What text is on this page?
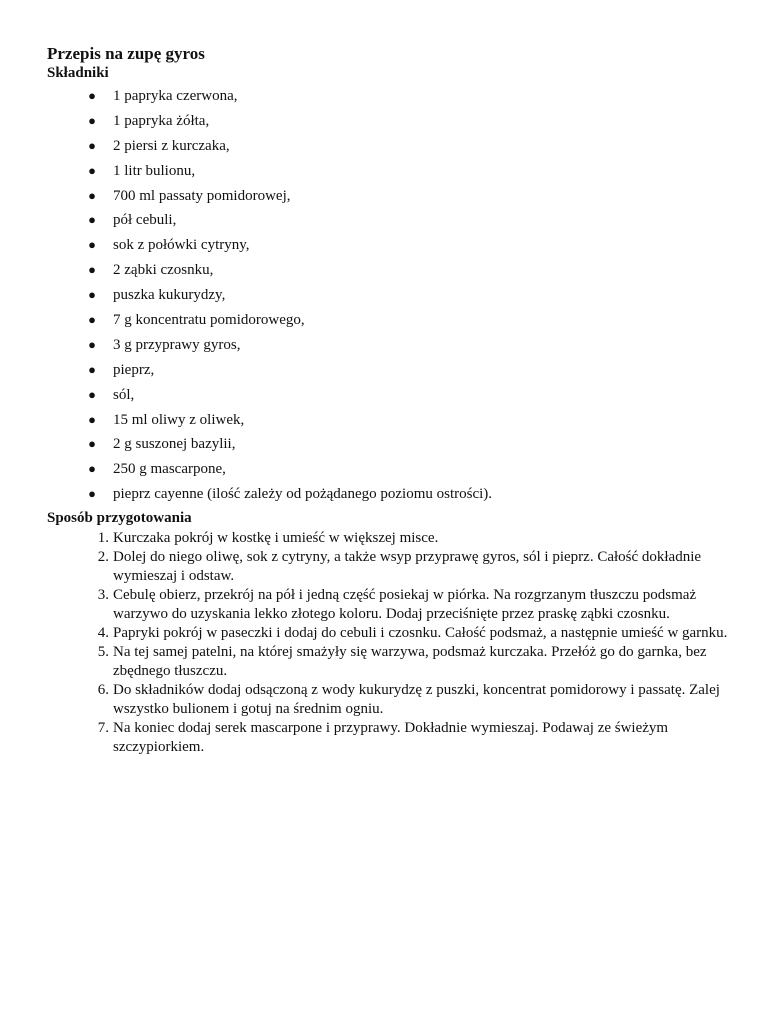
Przepis na zupę gyros
Składniki
● 1 papryka czerwona,
● 1 papryka żółta,
● 2 piersi z kurczaka,
● 1 litr bulionu,
● 700 ml passaty pomidorowej,
● pół cebuli,
● sok z połówki cytryny,
● 2 ząbki czosnku,
● puszka kukurydzy,
● 7 g koncentratu pomidorowego,
● 3 g przyprawy gyros,
● pieprz,
● sól,
● 15 ml oliwy z oliwek,
● 2 g suszonej bazylii,
● 250 g mascarpone,
● pieprz cayenne (ilość zależy od pożądanego poziomu ostrości).
Sposób przygotowania
1. Kurczaka pokrój w kostkę i umieść w większej misce.
2. Dolej do niego oliwę, sok z cytryny, a także wsyp przyprawę gyros, sól i pieprz. Całość dokładnie wymieszaj i odstaw.
3. Cebulę obierz, przekrój na pół i jedną część posiekaj w piórka. Na rozgrzanym tłuszczu podsmaż warzywo do uzyskania lekko złotego koloru. Dodaj przeciśnięte przez praskę ząbki czosnku.
4. Papryki pokrój w paseczki i dodaj do cebuli i czosnku. Całość podsmaż, a następnie umieść w garnku.
5. Na tej samej patelni, na której smażyły się warzywa, podsmaż kurczaka. Przełóż go do garnka, bez zbędnego tłuszczu.
6. Do składników dodaj odsączoną z wody kukurydzę z puszki, koncentrat pomidorowy i passatę. Zalej wszystko bulionem i gotuj na średnim ogniu.
7. Na koniec dodaj serek mascarpone i przyprawy. Dokładnie wymieszaj. Podawaj ze świeżym szczypiorkiem.
